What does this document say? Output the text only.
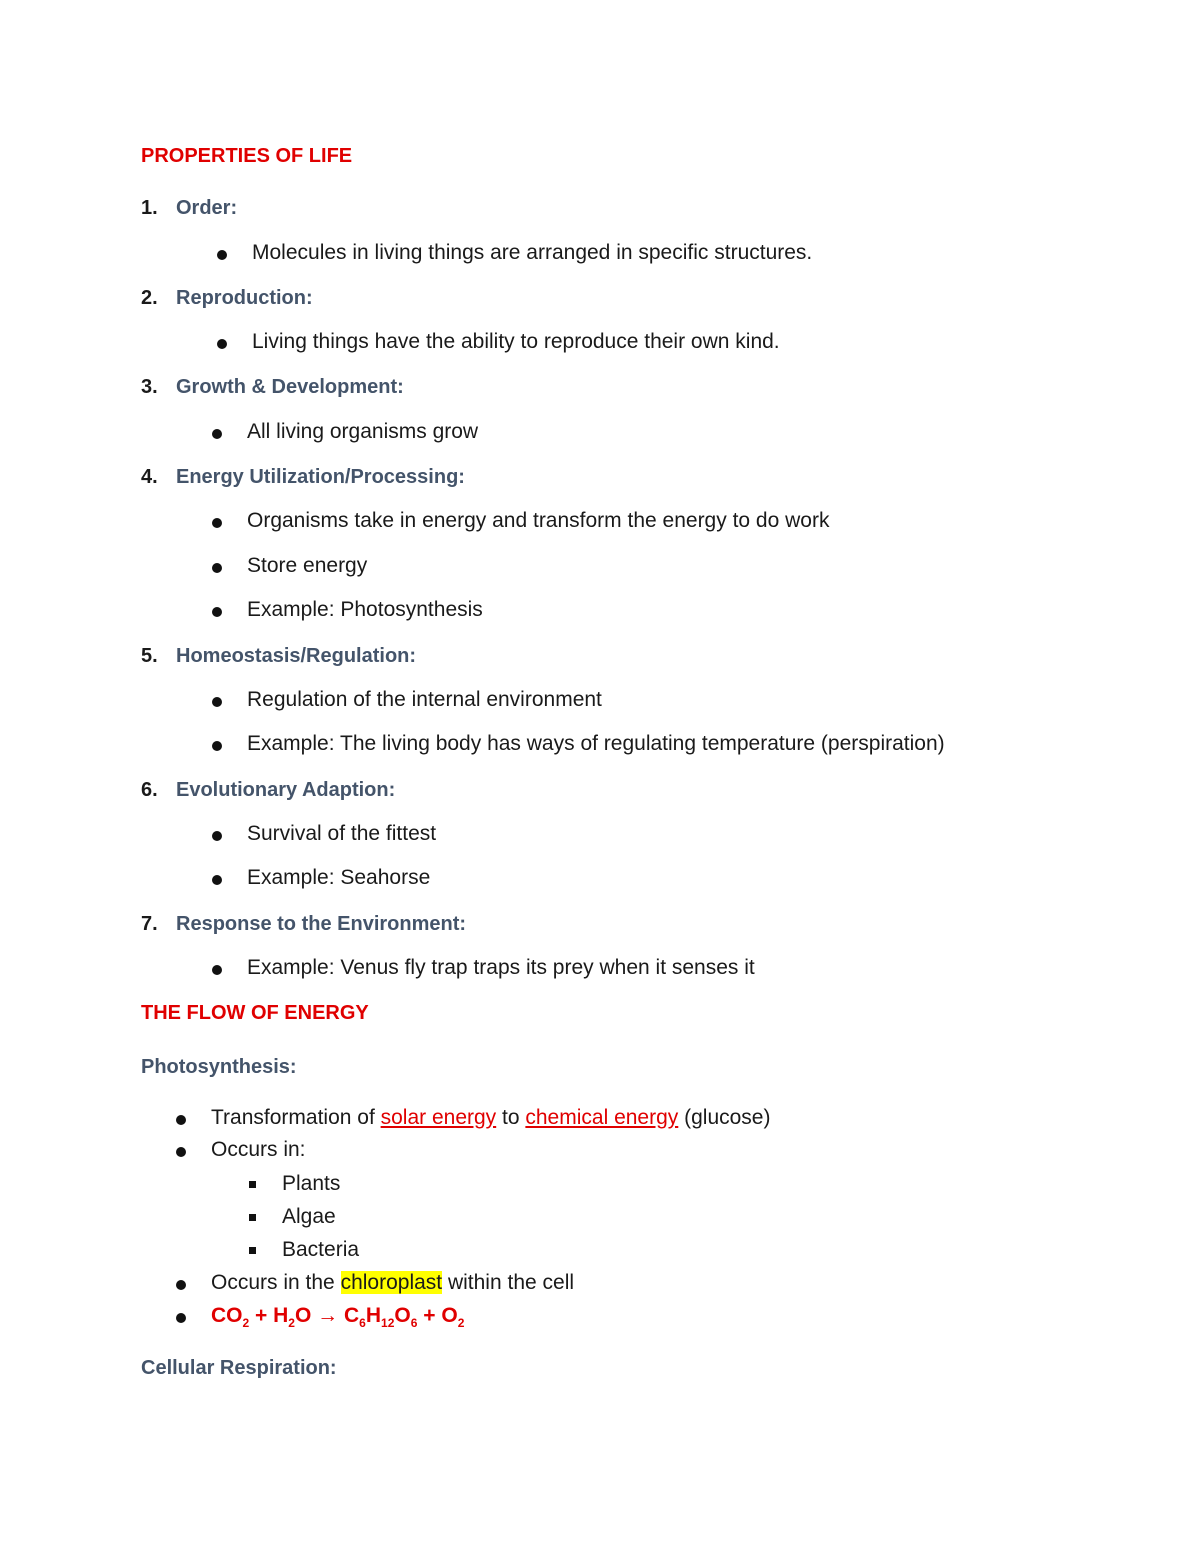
PROPERTIES OF LIFE
1. Order:
Molecules in living things are arranged in specific structures.
2. Reproduction:
Living things have the ability to reproduce their own kind.
3. Growth & Development:
All living organisms grow
4. Energy Utilization/Processing:
Organisms take in energy and transform the energy to do work
Store energy
Example: Photosynthesis
5. Homeostasis/Regulation:
Regulation of the internal environment
Example: The living body has ways of regulating temperature (perspiration)
6. Evolutionary Adaption:
Survival of the fittest
Example: Seahorse
7. Response to the Environment:
Example: Venus fly trap traps its prey when it senses it
THE FLOW OF ENERGY
Photosynthesis:
Transformation of solar energy to chemical energy (glucose)
Occurs in:
Plants
Algae
Bacteria
Occurs in the chloroplast within the cell
$CO_2 + H_2O \to C_6H_{12}O_6 + O_2$
Cellular Respiration:
